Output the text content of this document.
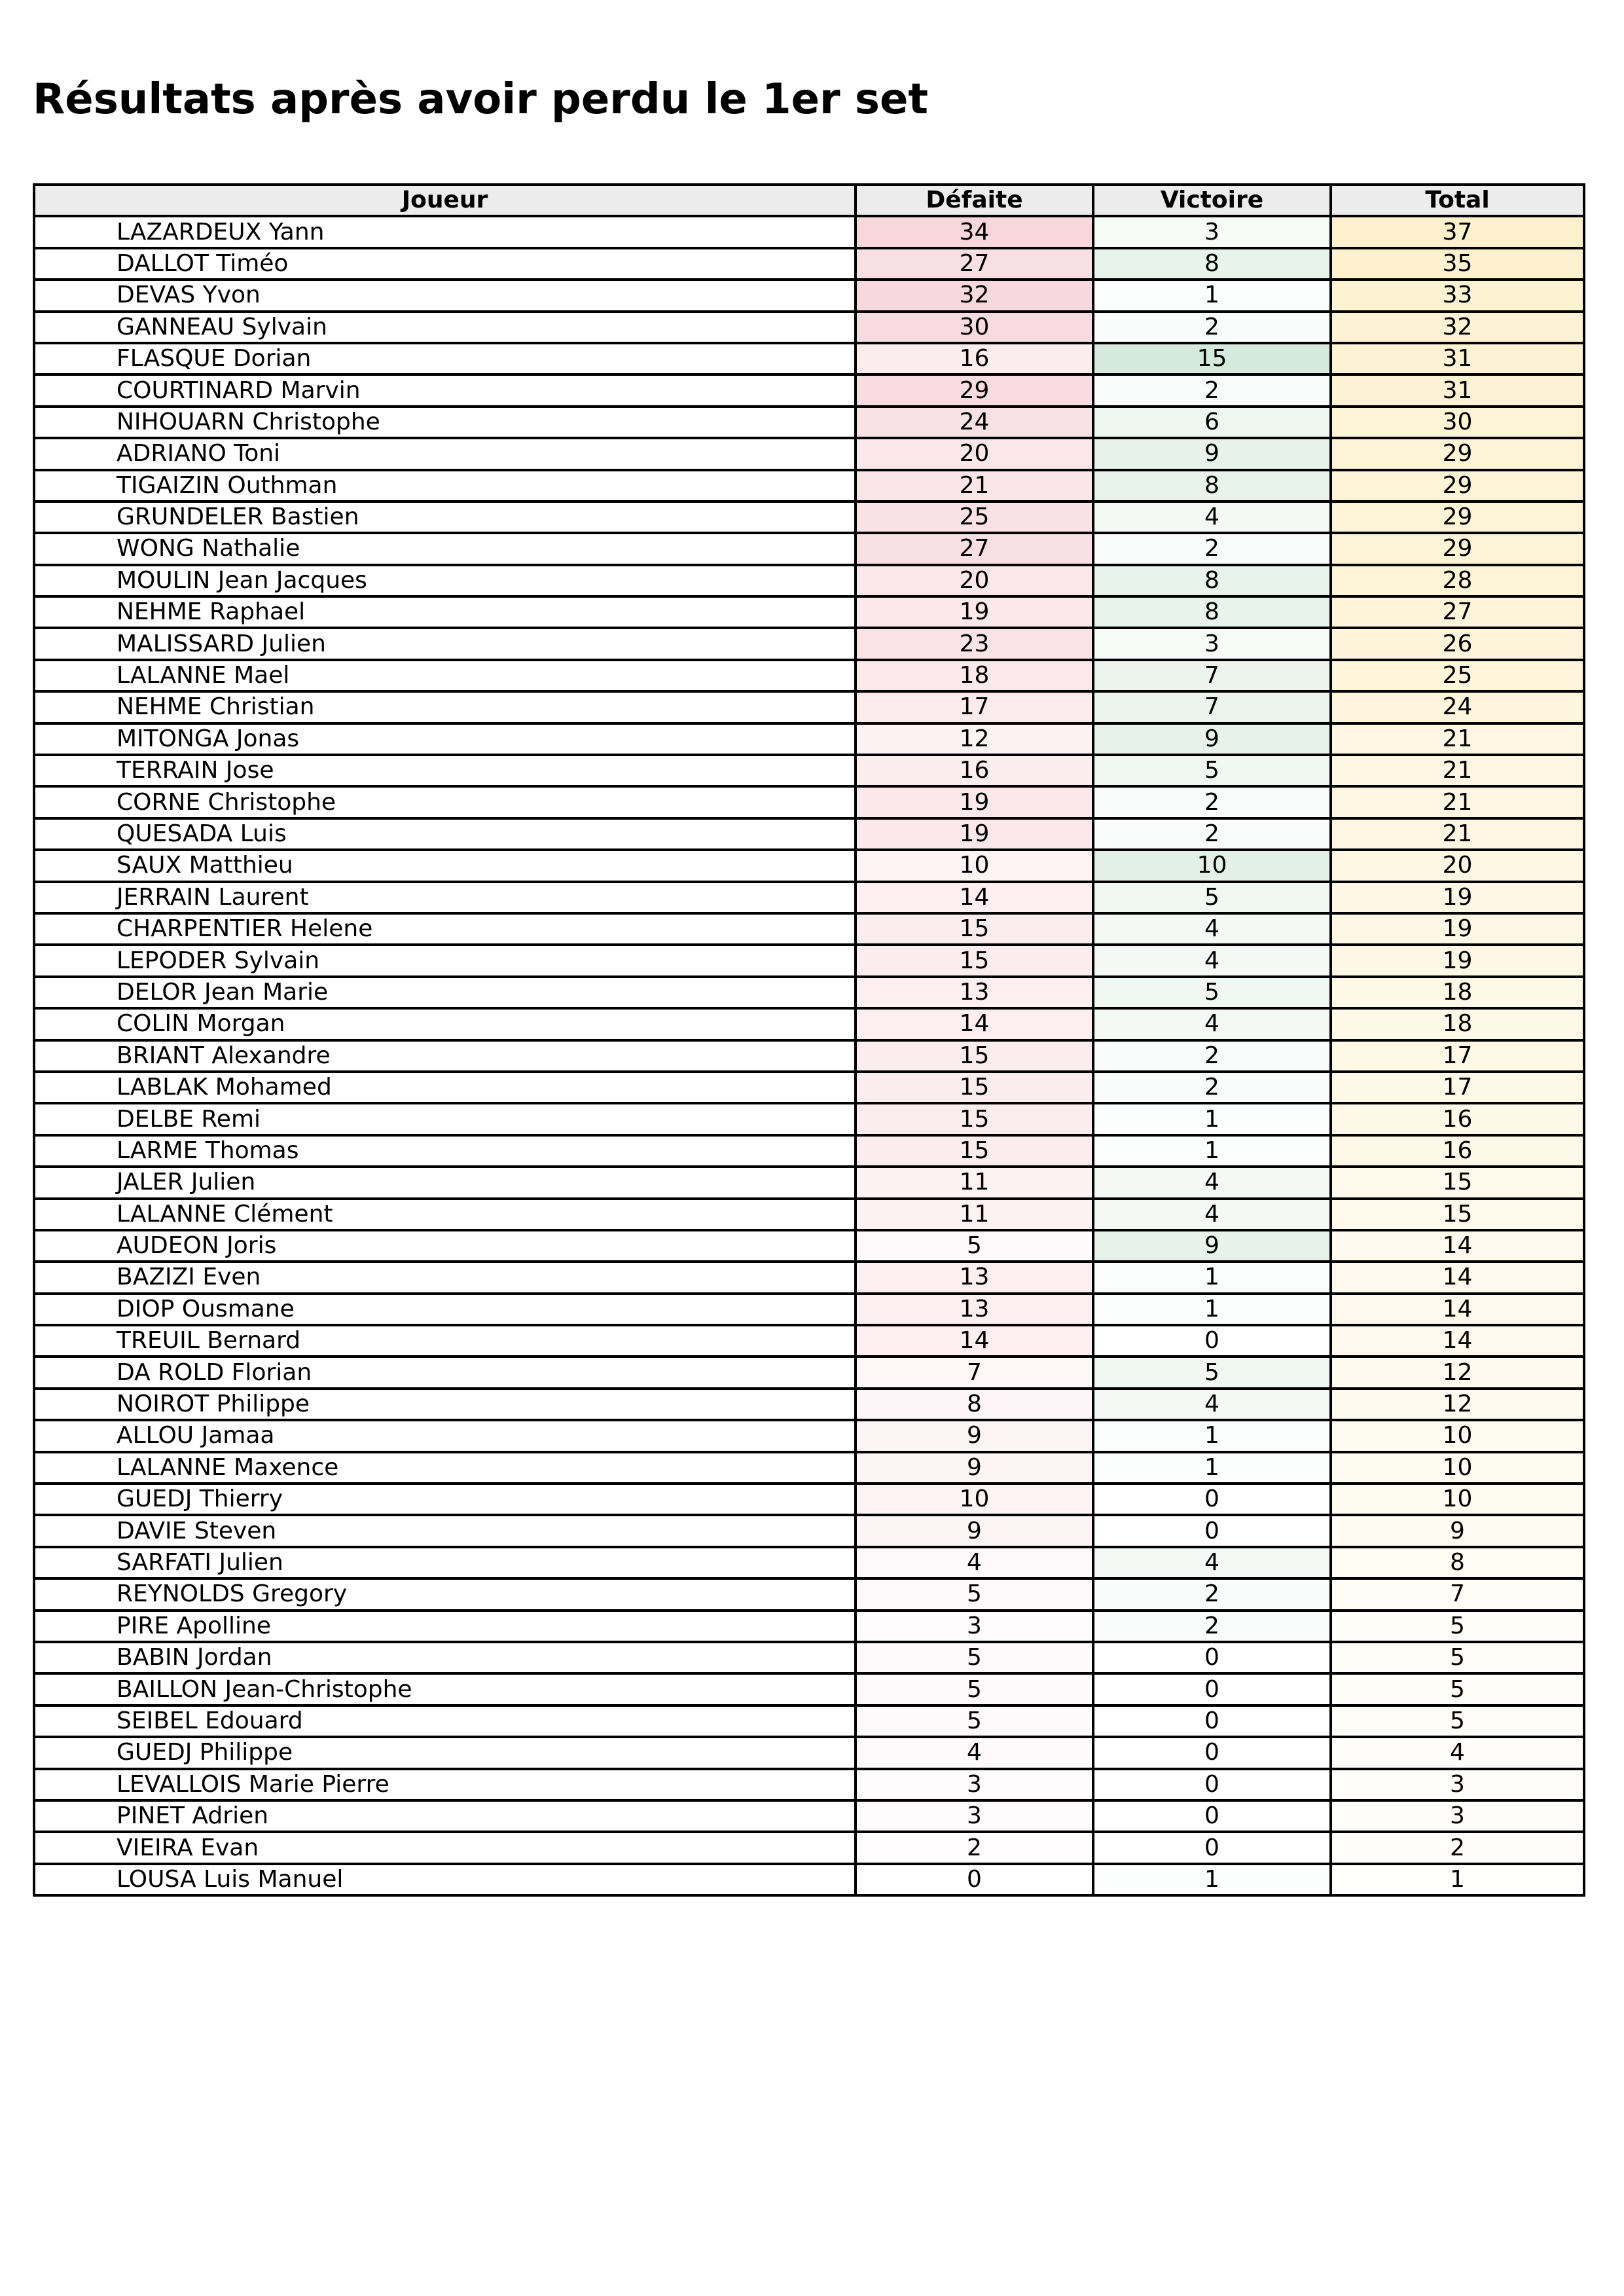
Résultats après avoir perdu le 1er set
Joueur	Défaite	Victoire	Total
LAZARDEUX Yann	34	3	37
DALLOT Timéo	27	8	35
DEVAS Yvon	32	1	33
GANNEAU Sylvain	30	2	32
FLASQUE Dorian	16	15	31
COURTINARD Marvin	29	2	31
NIHOUARN Christophe	24	6	30
ADRIANO Toni	20	9	29
TIGAIZIN Outhman	21	8	29
GRUNDELER Bastien	25	4	29
WONG Nathalie	27	2	29
MOULIN Jean Jacques	20	8	28
NEHME Raphael	19	8	27
MALISSARD Julien	23	3	26
LALANNE Mael	18	7	25
NEHME Christian	17	7	24
MITONGA Jonas	12	9	21
TERRAIN Jose	16	5	21
CORNE Christophe	19	2	21
QUESADA Luis	19	2	21
SAUX Matthieu	10	10	20
JERRAIN Laurent	14	5	19
CHARPENTIER Helene	15	4	19
LEPODER Sylvain	15	4	19
DELOR Jean Marie	13	5	18
COLIN Morgan	14	4	18
BRIANT Alexandre	15	2	17
LABLAK Mohamed	15	2	17
DELBE Remi	15	1	16
LARME Thomas	15	1	16
JALER Julien	11	4	15
LALANNE Clément	11	4	15
AUDEON Joris	5	9	14
BAZIZI Even	13	1	14
DIOP Ousmane	13	1	14
TREUIL Bernard	14	0	14
DA ROLD Florian	7	5	12
NOIROT Philippe	8	4	12
ALLOU Jamaa	9	1	10
LALANNE Maxence	9	1	10
GUEDJ Thierry	10	0	10
DAVIE Steven	9	0	9
SARFATI Julien	4	4	8
REYNOLDS Gregory	5	2	7
PIRE Apolline	3	2	5
BABIN Jordan	5	0	5
BAILLON Jean-Christophe	5	0	5
SEIBEL Edouard	5	0	5
GUEDJ Philippe	4	0	4
LEVALLOIS Marie Pierre	3	0	3
PINET Adrien	3	0	3
VIEIRA Evan	2	0	2
LOUSA Luis Manuel	0	1	1
